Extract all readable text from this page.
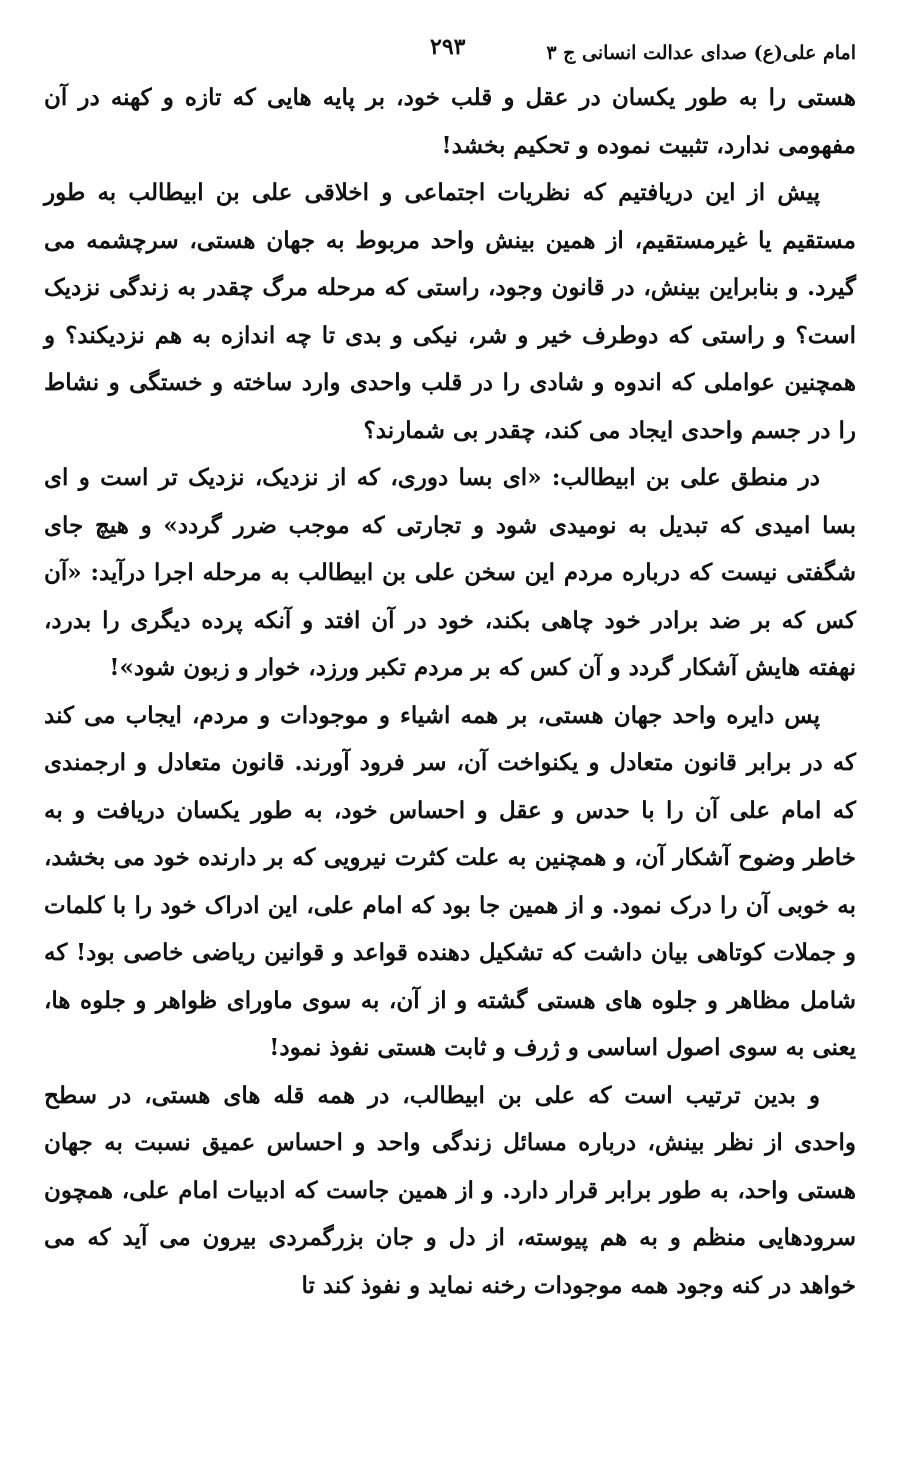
امام علی(ع) صدای عدالت انسانی ج ۳
۲۹۳

هستی را به طور یکسان در عقل و قلب خود، بر پایه هایی که تازه و کهنه در آن مفهومی ندارد، تثبیت نموده و تحکیم بخشد!

پیش از این دریافتیم که نظریات اجتماعی و اخلاقی علی بن ابیطالب به طور مستقیم یا غیرمستقیم، از همین بینش واحد مربوط به جهان هستی، سرچشمه می گیرد. و بنابراین بینش، در قانون وجود، راستی که مرحله مرگ چقدر به زندگی نزدیک است؟ و راستی که دوطرف خیر و شر، نیکی و بدی تا چه اندازه به هم نزدیکند؟ و همچنین عواملی که اندوه و شادی را در قلب واحدی وارد ساخته و خستگی و نشاط را در جسم واحدی ایجاد می کند، چقدر بی شمارند؟

در منطق علی بن ابیطالب: «ای بسا دوری، که از نزدیک، نزدیک تر است و ای بسا امیدی که تبدیل به نومیدی شود و تجارتی که موجب ضرر گردد» و هیچ جای شگفتی نیست که درباره مردم این سخن علی بن ابیطالب به مرحله اجرا درآید: «آن کس که بر ضد برادر خود چاهی بکند، خود در آن افتد و آنکه پرده دیگری را بدرد، نهفته هایش آشکار گردد و آن کس که بر مردم تکبر ورزد، خوار و زبون شود»!

پس دایره واحد جهان هستی، بر همه اشیاء و موجودات و مردم، ایجاب می کند که در برابر قانون متعادل و یکنواخت آن، سر فرود آورند. قانون متعادل و ارجمندی که امام علی آن را با حدس و عقل و احساس خود، به طور یکسان دریافت و به خاطر وضوح آشکار آن، و همچنین به علت کثرت نیرویی که بر دارنده خود می بخشد، به خوبی آن را درک نمود. و از همین جا بود که امام علی، این ادراک خود را با کلمات و جملات کوتاهی بیان داشت که تشکیل دهنده قواعد و قوانین ریاضی خاصی بود! که شامل مظاهر و جلوه های هستی گشته و از آن، به سوی ماورای ظواهر و جلوه ها، یعنی به سوی اصول اساسی و ژرف و ثابت هستی نفوذ نمود!

و بدین ترتیب است که علی بن ابیطالب، در همه قله های هستی، در سطح واحدی از نظر بینش، درباره مسائل زندگی واحد و احساس عمیق نسبت به جهان هستی واحد، به طور برابر قرار دارد. و از همین جاست که ادبیات امام علی، همچون سرودهایی منظم و به هم پیوسته، از دل و جان بزرگمردی بیرون می آید که می خواهد در کنه وجود همه موجودات رخنه نماید و نفوذ کند تا
